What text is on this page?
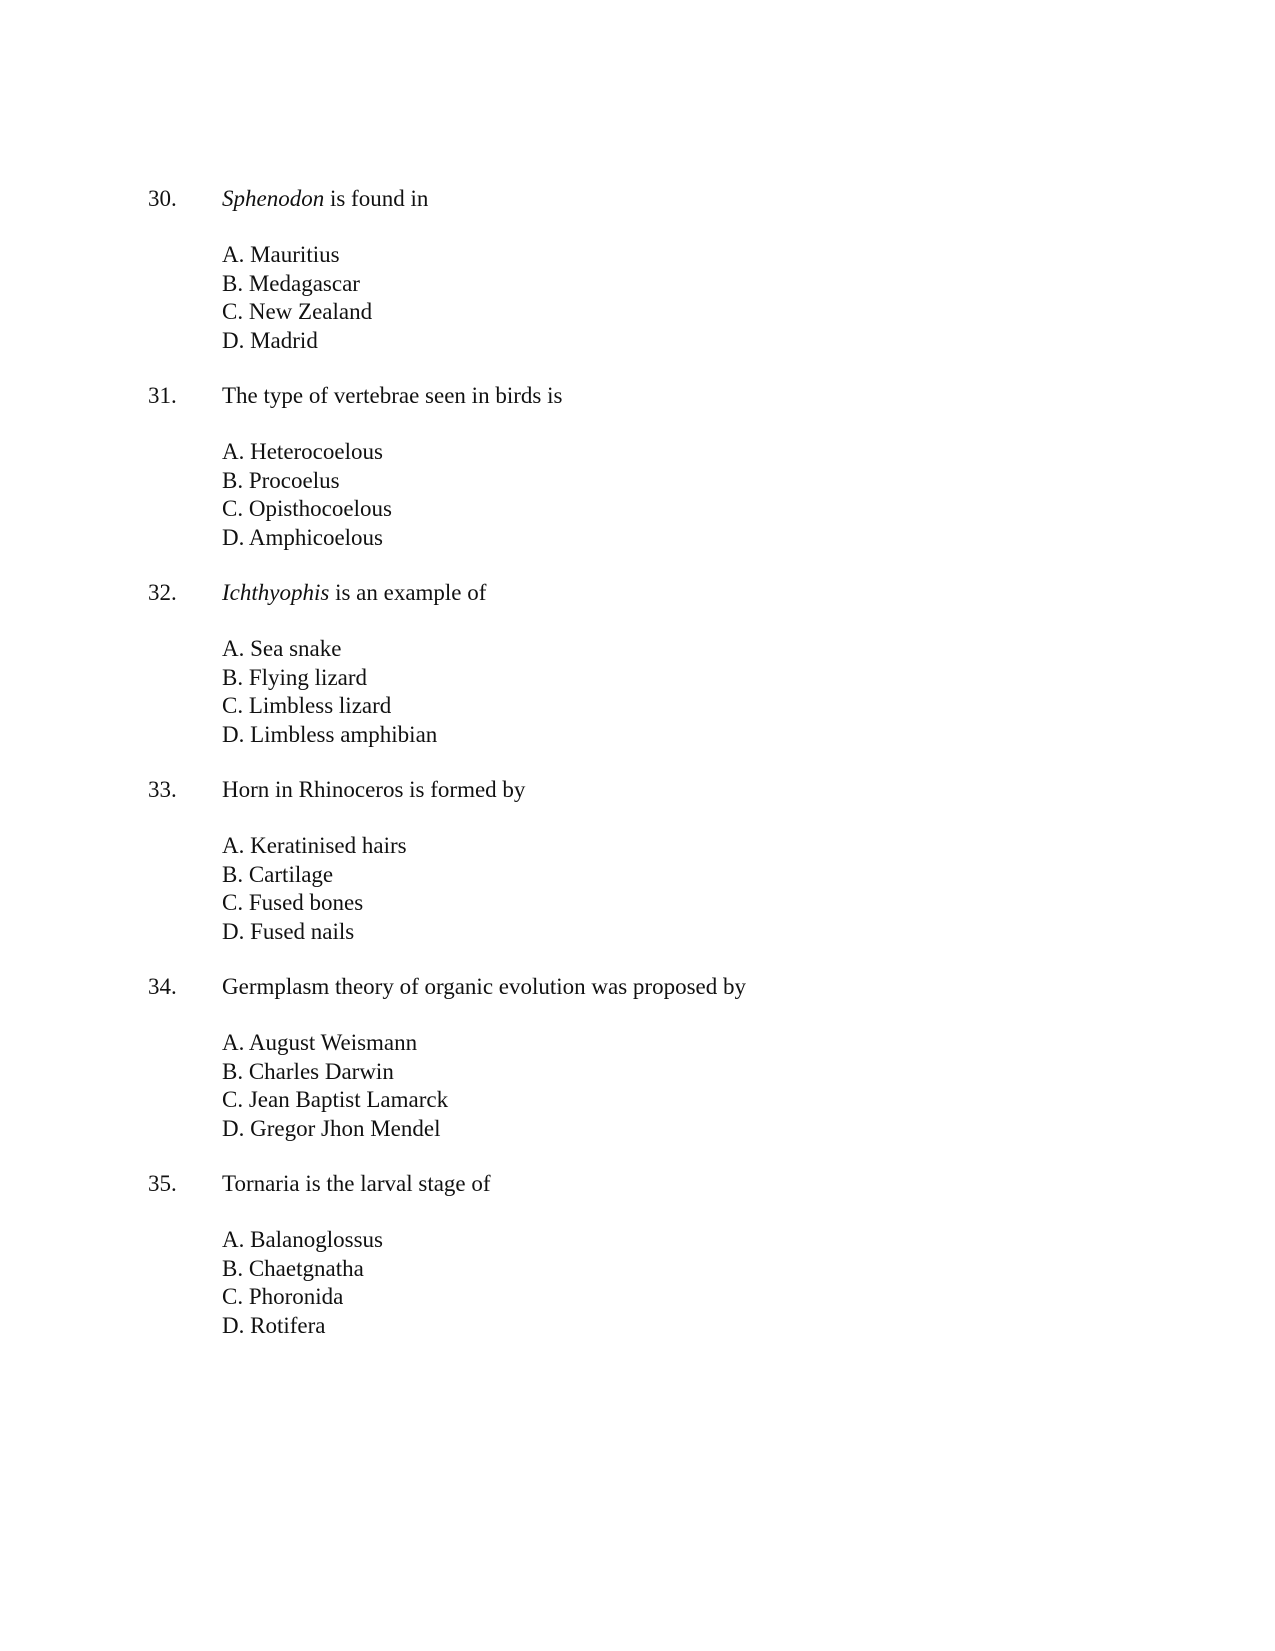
30. Sphenodon is found in
A. Mauritius
B. Medagascar
C. New Zealand
D. Madrid
31. The type of vertebrae seen in birds is
A. Heterocoelous
B. Procoelus
C. Opisthocoelous
D. Amphicoelous
32. Ichthyophis is an example of
A. Sea snake
B. Flying lizard
C. Limbless lizard
D. Limbless amphibian
33. Horn in Rhinoceros is formed by
A. Keratinised hairs
B. Cartilage
C. Fused bones
D. Fused nails
34. Germplasm theory of organic evolution was proposed by
A. August Weismann
B. Charles Darwin
C. Jean Baptist Lamarck
D. Gregor Jhon Mendel
35. Tornaria is the larval stage of
A. Balanoglossus
B. Chaetgnatha
C. Phoronida
D. Rotifera
